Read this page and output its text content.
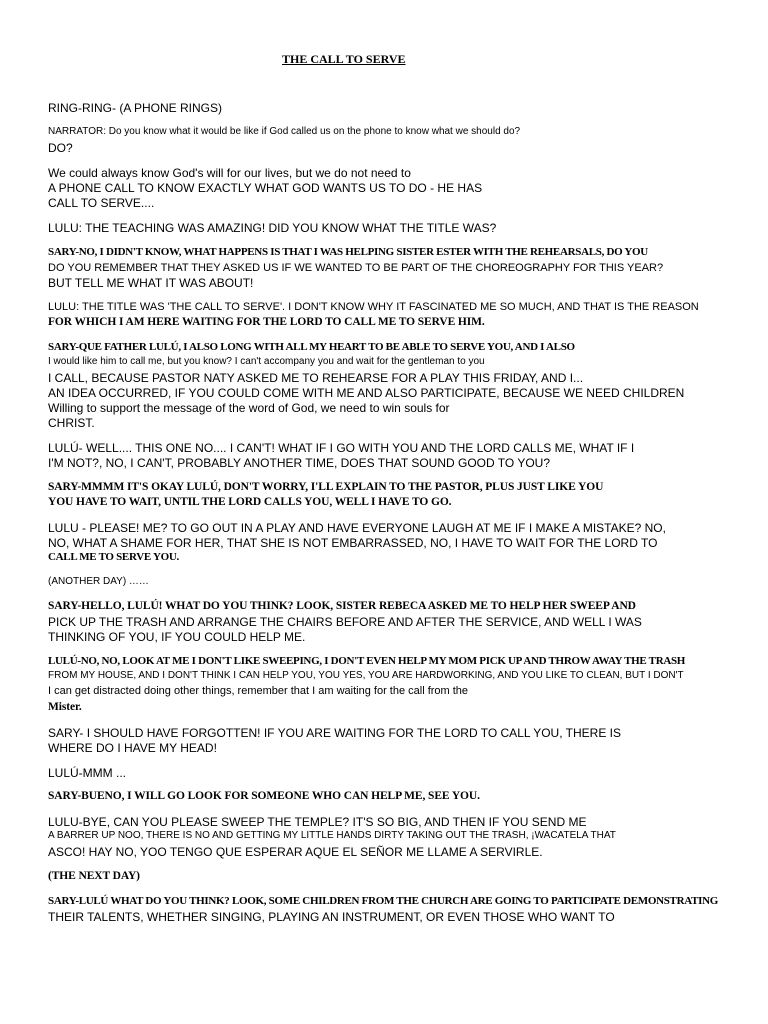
THE CALL TO SERVE
RING-RING- (A PHONE RINGS)
NARRATOR: Do you know what it would be like if God called us on the phone to know what we should do?
DO?
We could always know God's will for our lives, but we do not need to
A PHONE CALL TO KNOW EXACTLY WHAT GOD WANTS US TO DO - HE HAS
CALL TO SERVE....
LULU: THE TEACHING WAS AMAZING! DID YOU KNOW WHAT THE TITLE WAS?
SARY-NO, I DIDN'T KNOW, WHAT HAPPENS IS THAT I WAS HELPING SISTER ESTER WITH THE REHEARSALS, DO YOU
DO YOU REMEMBER THAT THEY ASKED US IF WE WANTED TO BE PART OF THE CHOREOGRAPHY FOR THIS YEAR?
BUT TELL ME WHAT IT WAS ABOUT!
LULU: THE TITLE WAS 'THE CALL TO SERVE'. I DON'T KNOW WHY IT FASCINATED ME SO MUCH, AND THAT IS THE REASON
FOR WHICH I AM HERE WAITING FOR THE LORD TO CALL ME TO SERVE HIM.
SARY-QUE FATHER LULÚ, I ALSO LONG WITH ALL MY HEART TO BE ABLE TO SERVE YOU, AND I ALSO
I would like him to call me, but you know? I can't accompany you and wait for the gentleman to you
I CALL, BECAUSE PASTOR NATY ASKED ME TO REHEARSE FOR A PLAY THIS FRIDAY, AND I...
AN IDEA OCCURRED, IF YOU COULD COME WITH ME AND ALSO PARTICIPATE, BECAUSE WE NEED CHILDREN
Willing to support the message of the word of God, we need to win souls for
CHRIST.
LULÚ- WELL.... THIS ONE NO.... I CAN'T! WHAT IF I GO WITH YOU AND THE LORD CALLS ME, WHAT IF I
I'M NOT?, NO, I CAN'T, PROBABLY ANOTHER TIME, DOES THAT SOUND GOOD TO YOU?
SARY-MMMM IT'S OKAY LULÚ, DON'T WORRY, I'LL EXPLAIN TO THE PASTOR, PLUS JUST LIKE YOU
YOU HAVE TO WAIT, UNTIL THE LORD CALLS YOU, WELL I HAVE TO GO.
LULU - PLEASE! ME? TO GO OUT IN A PLAY AND HAVE EVERYONE LAUGH AT ME IF I MAKE A MISTAKE? NO,
NO, WHAT A SHAME FOR HER, THAT SHE IS NOT EMBARRASSED, NO, I HAVE TO WAIT FOR THE LORD TO
CALL ME TO SERVE YOU.
(ANOTHER DAY) ……
SARY-HELLO, LULÚ! WHAT DO YOU THINK? LOOK, SISTER REBECA ASKED ME TO HELP HER SWEEP AND
PICK UP THE TRASH AND ARRANGE THE CHAIRS BEFORE AND AFTER THE SERVICE, AND WELL I WAS
THINKING OF YOU, IF YOU COULD HELP ME.
LULÚ-NO, NO, LOOK AT ME I DON'T LIKE SWEEPING, I DON'T EVEN HELP MY MOM PICK UP AND THROW AWAY THE TRASH
FROM MY HOUSE, AND I DON'T THINK I CAN HELP YOU, YOU YES, YOU ARE HARDWORKING, AND YOU LIKE TO CLEAN, BUT I DON'T
I can get distracted doing other things, remember that I am waiting for the call from the
Mister.
SARY- I SHOULD HAVE FORGOTTEN! IF YOU ARE WAITING FOR THE LORD TO CALL YOU, THERE IS
WHERE DO I HAVE MY HEAD!
LULÚ-MMM ...
SARY-BUENO, I WILL GO LOOK FOR SOMEONE WHO CAN HELP ME, SEE YOU.
LULU-BYE, CAN YOU PLEASE SWEEP THE TEMPLE? IT'S SO BIG, AND THEN IF YOU SEND ME
A BARRER UP NOO, THERE IS NO AND GETTING MY LITTLE HANDS DIRTY TAKING OUT THE TRASH, ¡WACATELA THAT
ASCO! HAY NO, YOO TENGO QUE ESPERAR AQUE EL SEÑOR ME LLAME A SERVIRLE.
(THE NEXT DAY)
SARY-LULÚ WHAT DO YOU THINK? LOOK, SOME CHILDREN FROM THE CHURCH ARE GOING TO PARTICIPATE DEMONSTRATING
THEIR TALENTS, WHETHER SINGING, PLAYING AN INSTRUMENT, OR EVEN THOSE WHO WANT TO
